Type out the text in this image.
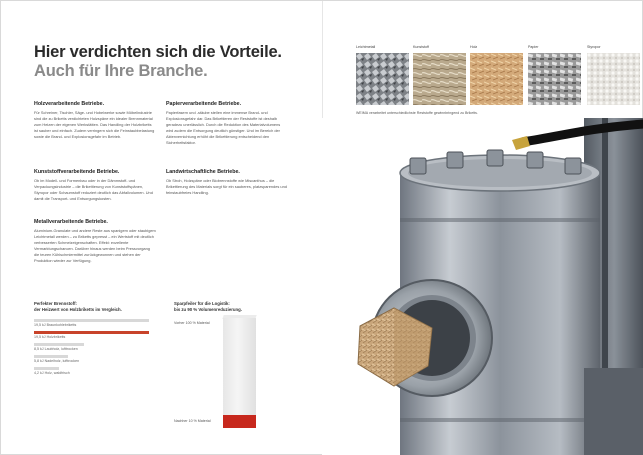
Hier verdichten sich die Vorteile.
Auch für Ihre Branche.
Holzverarbeitende Betriebe.

Für Schreiner, Tischler, Säge- und Hobelwerke sowie Möbelindustrie sind die zu Briketts verdichteten Holzspäne ein idealer Brennmaterial zum Heizen der eigenen Werkstätten. Das Handling der Holzbriketts ist sauber und einfach. Zudem verringern sich die Feinstaubbelastung sowie die Brand- und Explosionsgefahr im Betrieb.

Kunststoffverarbeitende Betriebe.

Ob im Modell- und Formenbau oder in der Dämmstoff- und Verpackungsindustrie – die Brikettierung von Kunststoffspänen, Styropor oder Schaumstoff reduziert deutlich das Abfallvolumen. Und damit die Transport- und Entsorgungskosten.

Metallverarbeitende Betriebe.

Aluminium-Granulate und andere Reste aus spanigem oder staubigem Leichtmetall werden – zu Briketts gepresst – ein Wertstoff mit deutlich verbesserten Schmelzeigenschaften. Effekt: exzellente Vermarktungschancen. Darüber hinaus werden beim Pressvorgang die teuren Kühlschmiermittel zurückgewonnen und stehen der Produktion wieder zur Verfügung.

Papierverarbeitende Betriebe.

Papierfasern und -stäube stellen eine immense Brand- und Explosionsgefahr dar. Das Brikettieren der Reststoffe ist deshalb geradezu unerlässlich. Durch die Reduktion des Materialvolumens wird zudem die Entsorgung deutlich günstiger. Und im Bereich der Aktenvernichtung erhöht die Brikettierung entscheidend den Sicherheitsfaktor.

Landwirtschaftliche Betriebe.

Ob Stroh, Holzspäne oder Biobrennstoffe wie Miscanthus – die Brikettierung des Materials sorgt für ein sauberes, platzsparendes und feinstaubfreies Handling.

Perfekter Brennstoff:
der Heizwert von Holzbriketts im Vergleich.
19,5 kJ Braunkohlebriketts
19,5 kJ Holzbriketts
8,5 kJ Laubholz, lufttrocken
5,8 kJ Nadelholz, lufttrocken
4,2 kJ Holz, waldfrisch
Sparpfeiler für die Logistik:
bis zu 90 % Volumenreduzierung.
Vorher 100 % Material
Nachher 10 % Material
Leichtmetall	Kunststoff	Holz	Papier	Styropor
WEIMA verarbeitet unterschiedlichste Reststoffe gewinnbringend zu Briketts.
